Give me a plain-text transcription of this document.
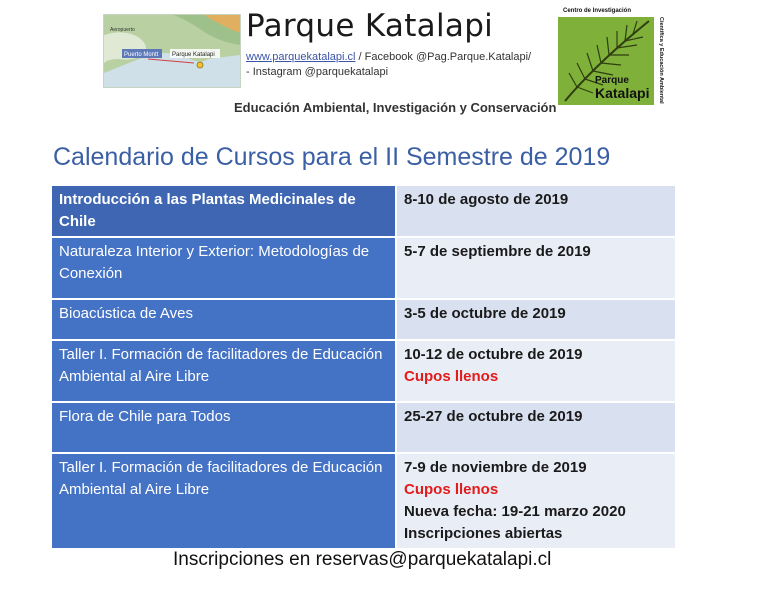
Puerto Montt
Aeropuerto
Parque Katalapi
Parque Katalapi
www.parquekatalapi.cl / Facebook @Pag.Parque.Katalapi/
- Instagram @parquekatalapi
Educación Ambiental, Investigación y Conservación
Centro de Investigación
Científica y Educación Ambiental
Parque
Katalapi
Calendario de Cursos para el II Semestre de 2019
Introducción a las Plantas Medicinales de Chile	8-10 de agosto de 2019

Naturaleza Interior y Exterior: Metodologías de Conexión	5-7 de septiembre de 2019

Bioacústica de Aves	3-5 de octubre de 2019

Taller I. Formación de facilitadores de Educación Ambiental al Aire Libre	10-12 de octubre de 2019
Cupos llenos

Flora de Chile para Todos	25-27 de octubre de 2019

Taller I. Formación de facilitadores de Educación Ambiental al Aire Libre	7-9 de noviembre de 2019
Cupos llenos
Nueva fecha: 19-21 marzo 2020
Inscripciones abiertas
Inscripciones en reservas@parquekatalapi.cl
